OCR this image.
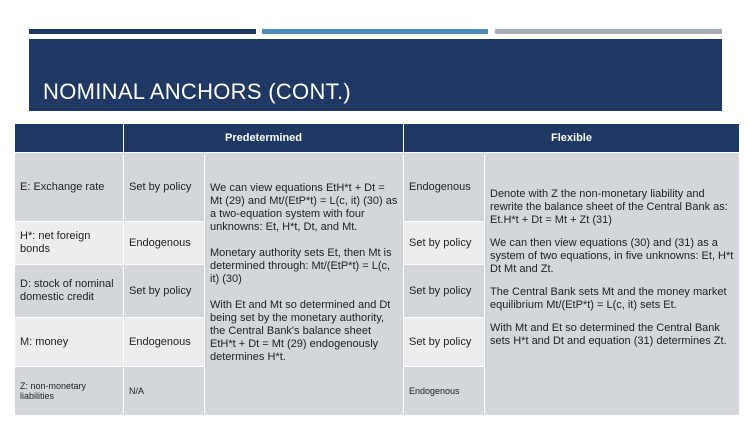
NOMINAL ANCHORS (CONT.)
Predetermined	Flexible
E: Exchange rate
H*: net foreign bonds
D: stock of nominal domestic credit
M: money
Z: non-monetary liabilities
Set by policy
Endogenous
Set by policy
Endogenous
N/A
We can view equations EtH*t + Dt = Mt (29) and Mt/(EtP*t) = L(c, it) (30) as a two-equation system with four unknowns: Et, H*t, Dt, and Mt.
Monetary authority sets Et, then Mt is determined through: Mt/(EtP*t) = L(c, it) (30)
With Et and Mt so determined and Dt being set by the monetary authority, the Central Bank's balance sheet EtH*t + Dt = Mt (29) endogenously determines H*t.
Endogenous
Set by policy
Set by policy
Set by policy
Endogenous
Denote with Z the non-monetary liability and rewrite the balance sheet of the Central Bank as: Et.H*t + Dt = Mt + Zt (31)
We can then view equations (30) and (31) as a system of two equations, in five unknowns: Et, H*t Dt Mt and Zt.
The Central Bank sets Mt and the money market equilibrium Mt/(EtP*t) = L(c, it) sets Et.
With Mt and Et so determined the Central Bank sets H*t and Dt and equation (31) determines Zt.
